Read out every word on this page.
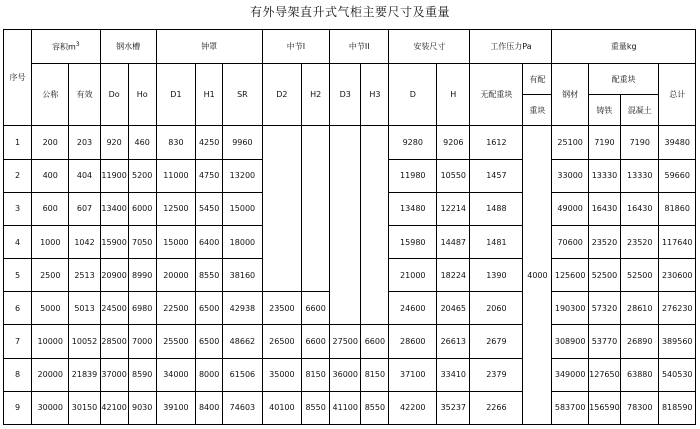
有外导架直升式气柜主要尺寸及重量
序号	容积$m^3$		钢水槽		钟罩			中节I		中节II		安装尺寸		工作压力Pa		重量kg			
	公称	有效	Do	Ho	D1	H1	SR	D2	H2	D3	H3	D	H	无配重块	有配	钢材	配重块		总计
															重块		铸铁	混凝土	
1	200	203	920	460	830	4250	9960					9280	9206	1612	4000	25100	7190	7190	39480
2	400	404	11900	5200	11000	4750	13200					11980	10550	1457		33000	13330	13330	59660
3	600	607	13400	6000	12500	5450	15000					13480	12214	1488		49000	16430	16430	81860
4	1000	1042	15900	7050	15000	6400	18000					15980	14487	1481		70600	23520	23520	117640
5	2500	2513	20900	8990	20000	8550	38160					21000	18224	1390		125600	52500	52500	230600
6	5000	5013	24500	6980	22500	6500	42938	23500	6600			24600	20465	2060		190300	57320	28610	276230
7	10000	10052	28500	7000	25500	6500	48662	26500	6600	27500	6600	28600	26613	2679		308900	53770	26890	389560
8	20000	21839	37000	8590	34000	8000	61506	35000	8150	36000	8150	37100	33410	2379		349000	127650	63880	540530
9	30000	30150	42100	9030	39100	8400	74603	40100	8550	41100	8550	42200	35237	2266		583700	156590	78300	818590
